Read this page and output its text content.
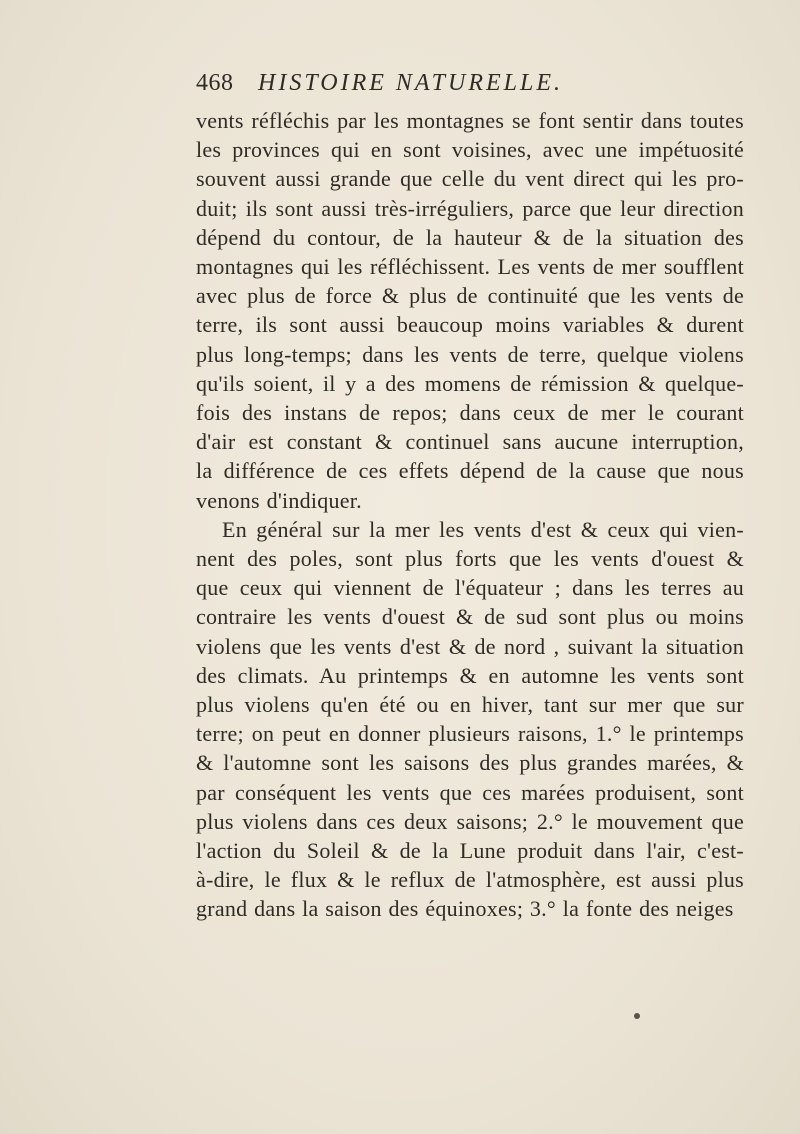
468 HISTOIRE NATURELLE.

vents réfléchis par les montagnes se font sentir dans toutes

les provinces qui en sont voisines, avec une impétuosité

souvent aussi grande que celle du vent direct qui les pro-

duit; ils sont aussi très-irréguliers, parce que leur direction

dépend du contour, de la hauteur & de la situation des

montagnes qui les réfléchissent. Les vents de mer soufflent

avec plus de force & plus de continuité que les vents de

terre, ils sont aussi beaucoup moins variables & durent

plus long-temps; dans les vents de terre, quelque violens

qu'ils soient, il y a des momens de rémission & quelque-

fois des instans de repos; dans ceux de mer le courant

d'air est constant & continuel sans aucune interruption,

la différence de ces effets dépend de la cause que nous

venons d'indiquer.

En général sur la mer les vents d'est & ceux qui vien-

nent des poles, sont plus forts que les vents d'ouest &

que ceux qui viennent de l'équateur ; dans les terres au

contraire les vents d'ouest & de sud sont plus ou moins

violens que les vents d'est & de nord , suivant la situation

des climats. Au printemps & en automne les vents sont

plus violens qu'en été ou en hiver, tant sur mer que sur

terre; on peut en donner plusieurs raisons, 1.° le printemps

& l'automne sont les saisons des plus grandes marées, &

par conséquent les vents que ces marées produisent, sont

plus violens dans ces deux saisons; 2.° le mouvement que

l'action du Soleil & de la Lune produit dans l'air, c'est-

à-dire, le flux & le reflux de l'atmosphère, est aussi plus

grand dans la saison des équinoxes; 3.° la fonte des neiges
